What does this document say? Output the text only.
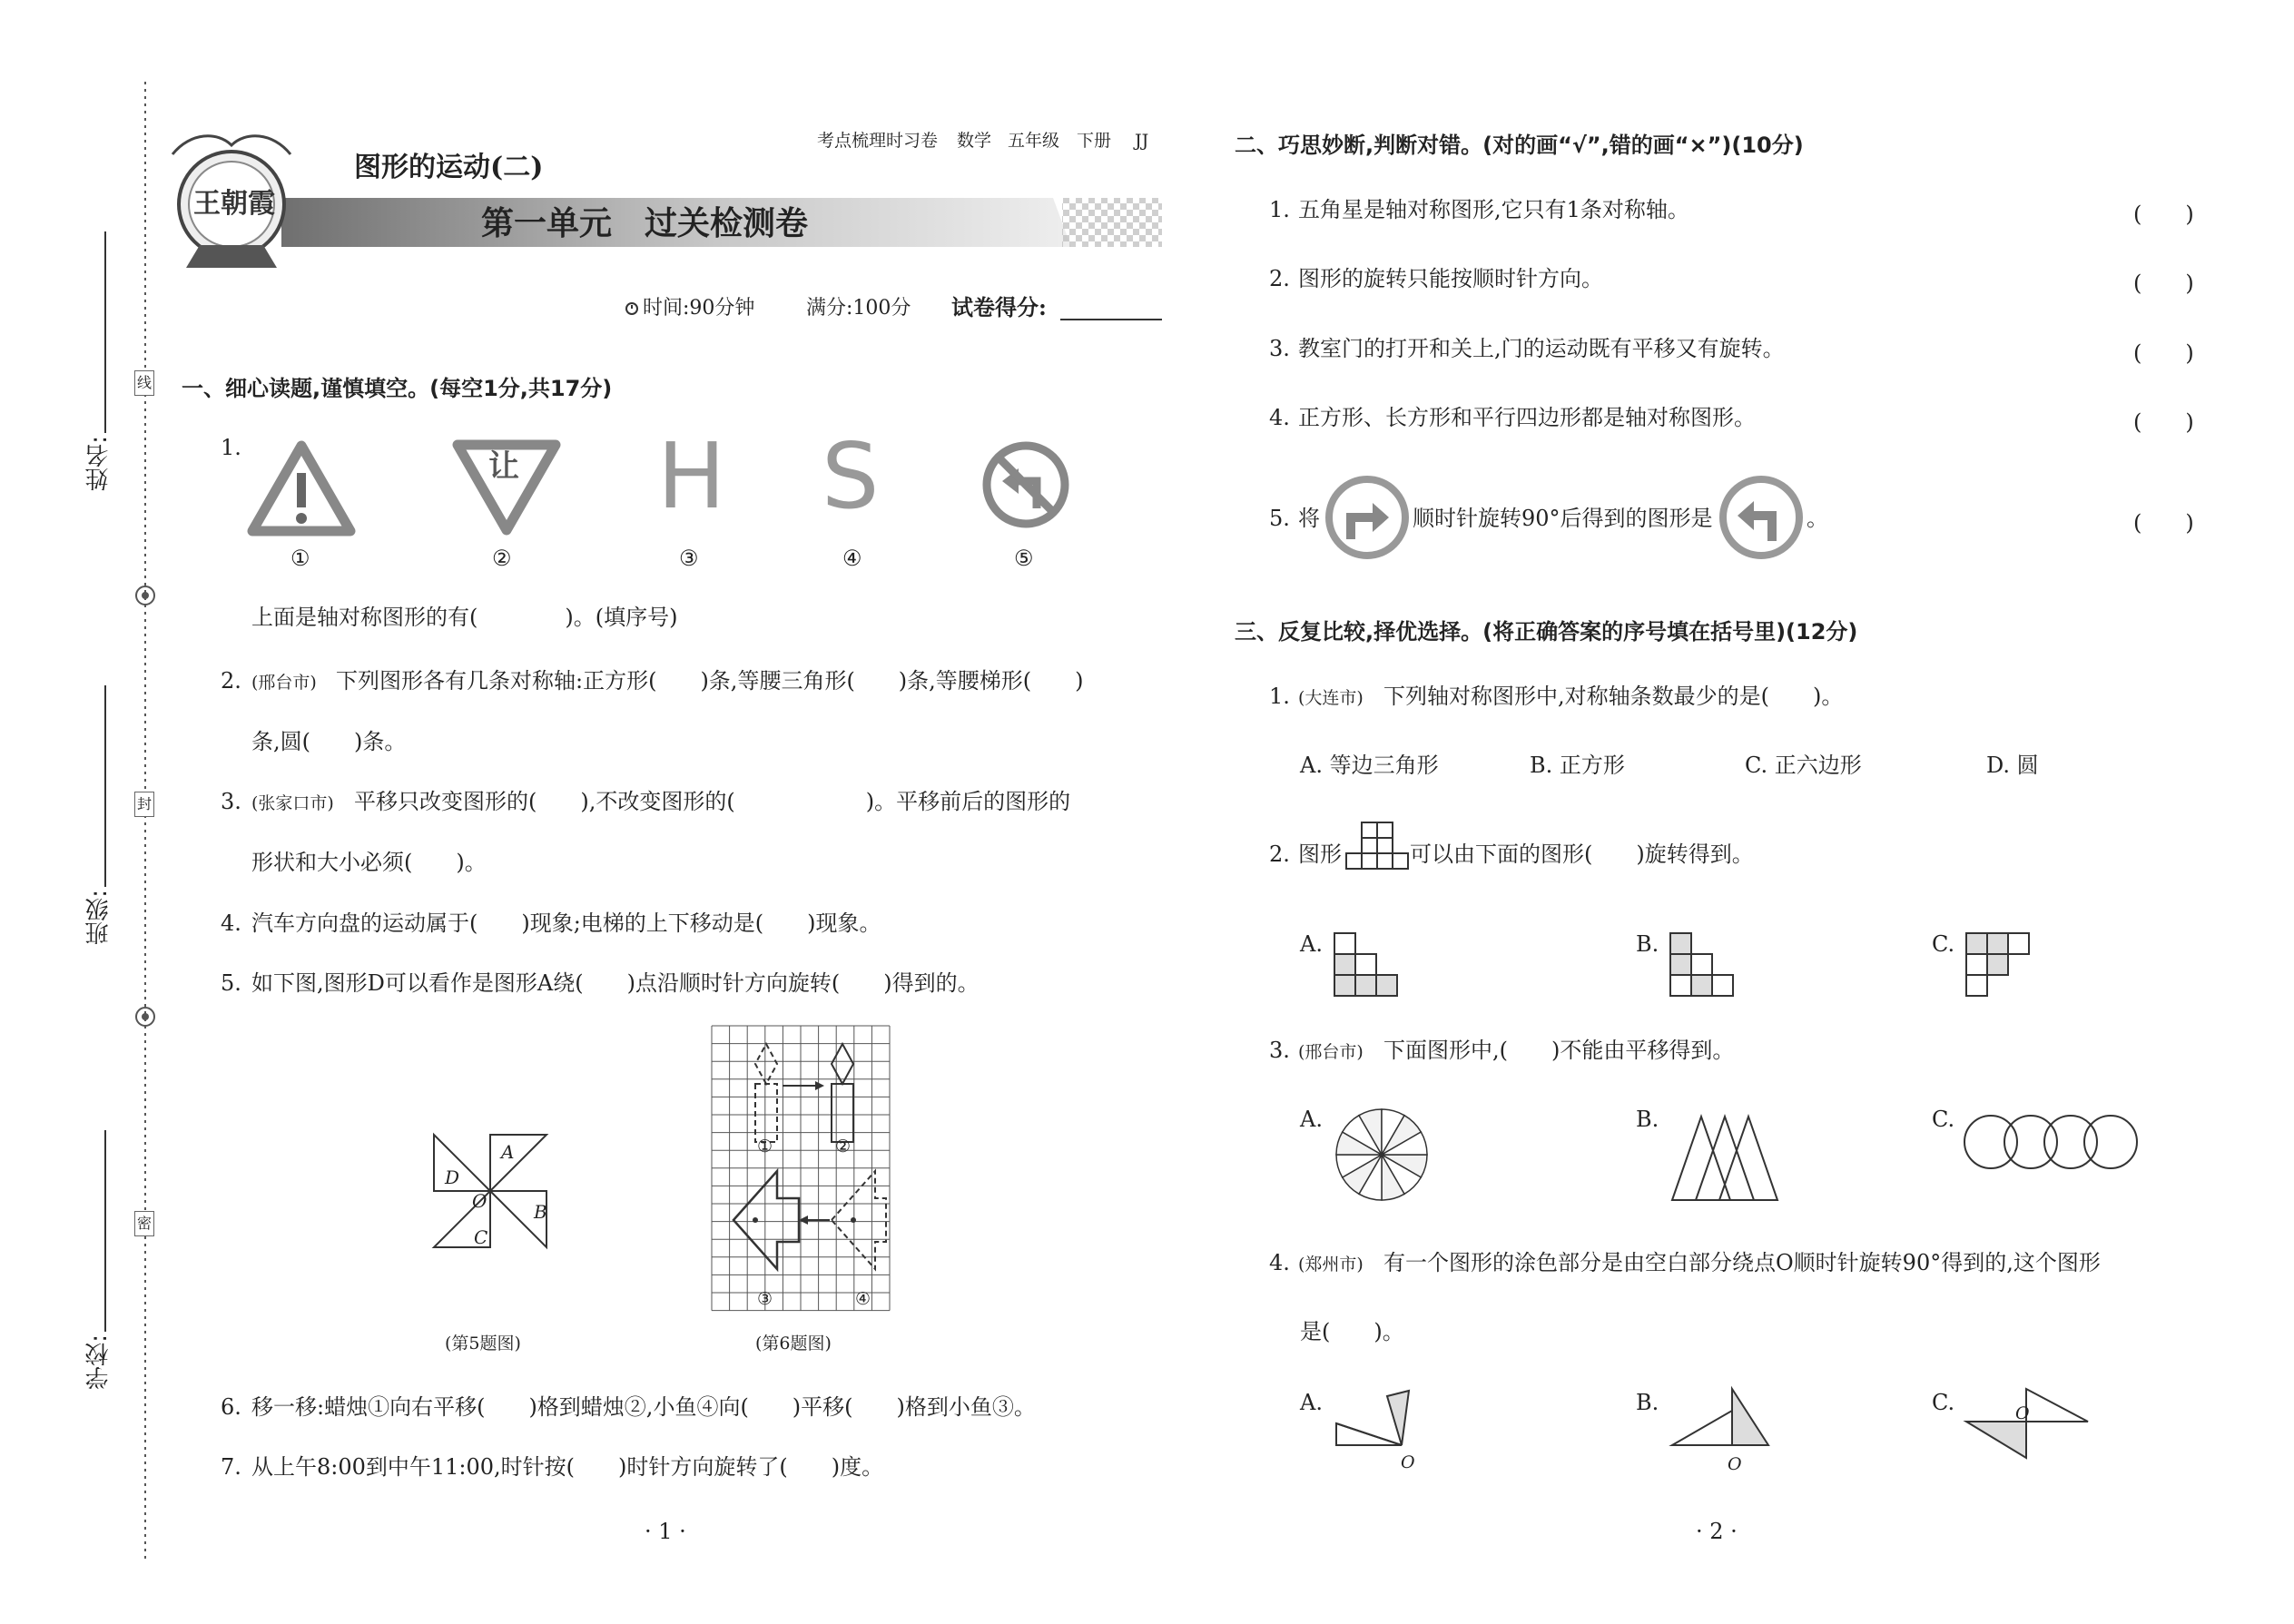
线
封
密
姓名:
班级:
学校:
王朝霞
考点梳理时习卷 数学 五年级 下册 JJ
图形的运动(二)
第一单元　过关检测卷
时间:90分钟	满分:100分 试卷得分:
一、细心读题,谨慎填空。(每空1分,共17分)
1.
让 H S
①	②	③	④	⑤
上面是轴对称图形的有(　　　　)。(填序号)
2. (邢台市) 下列图形各有几条对称轴:正方形(　　)条,等腰三角形(　　)条,等腰梯形(　　)
条,圆(　　)条。
3. (张家口市) 平移只改变图形的(　　),不改变图形的(　　　　　　)。平移前后的图形的
形状和大小必须(　　)。
4. 汽车方向盘的运动属于(　　)现象;电梯的上下移动是(　　)现象。
5. 如下图,图形D可以看作是图形A绕(　　)点沿顺时针方向旋转(　　)得到的。
A
B
C
D
O
(第5题图)
①	②
③	④
(第6题图)
6. 移一移:蜡烛①向右平移(　　)格到蜡烛②,小鱼④向(　　)平移(　　)格到小鱼③。
7. 从上午8:00到中午11:00,时针按(　　)时针方向旋转了(　　)度。
· 1 ·
二、巧思妙断,判断对错。(对的画“√”,错的画“×”)(10分)
1. 五角星是轴对称图形,它只有1条对称轴。	(　　)
2. 图形的旋转只能按顺时针方向。	(　　)
3. 教室门的打开和关上,门的运动既有平移又有旋转。	(　　)
4. 正方形、长方形和平行四边形都是轴对称图形。	(　　)
5. 将	顺时针旋转90°后得到的图形是	。	(　　)
三、反复比较,择优选择。(将正确答案的序号填在括号里)(12分)
1. (大连市) 下列轴对称图形中,对称轴条数最少的是(　　)。
A. 等边三角形	B. 正方形	C. 正六边形	D. 圆
2. 图形	可以由下面的图形(　　)旋转得到。
A.	B.	C.
3. (邢台市) 下面图形中,(　　)不能由平移得到。
A.	B.	C.
4. (郑州市) 有一个图形的涂色部分是由空白部分绕点O顺时针旋转90°得到的,这个图形
是(　　)。
A.
O
B.
O
C.	O
· 2 ·
